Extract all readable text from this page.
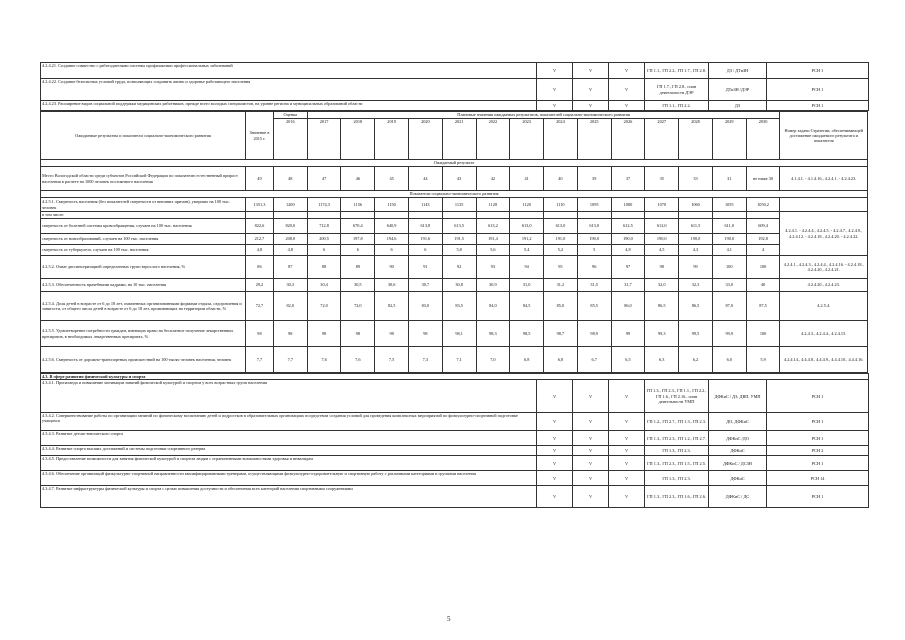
4.2.4.21. Создание совместно с работодателями системы профилактики профессиональных заболеваний	V	V	V	ГП 1.1., ГП 2.2., ГП 1.7., ГП 2.8.	ДЗ / ДТиЗН	РСН 1
4.2.4.22. Создание безопасных условий труда, позволяющих сохранить жизнь и здоровье работающего населения	V	V	V	ГП 1.7., ГП 2.8., план деятельности ДЭР	ДТиЗН /ДЭР	РСН 1
4.2.4.23. Расширение видов социальной поддержки медицинских работников, прежде всего молодых специалистов, на уровне региона и муниципальных образований области	V	V	V	ГП 1.1., ГП 2.2.	ДЗ	РСН 1
Ожидаемые результаты и показатели социально-экономического развития	Значение в 2015 г.	Оценка	Плановые значения ожидаемых результатов, показателей социально-экономического развития														Номер задачи Стратегии, обеспечивающей достижение ожидаемого результата и показателя
		2016	2017	2018	2019	2020	2021	2022	2023	2024	2025	2026	2027	2028	2029	2030	
Ожидаемый результат																	
Место Вологодской области среди субъектов Российской Федерации по показателю естественный прирост населения в расчете на 1000 человек постоянного населения	49	48	47	46	45	44	43	42	41	40	39	37	35	33	31	не ниже 30	4.1.4.1. - 4.1.4.16., 4.2.4.1. - 4.2.4.23.
Показатели социально-экономического развития																	
4.2.5.1. Смертность населения (без показателей смертности от внешних причин), умерших на 100 тыс. человек	1351,3	1200	1174,3	1156	1150	1143	1135	1128	1120	1110	1095	1080	1070	1060	1055	1050,2	
в том числе:																	4.2.4.1. - 4.2.4.4., 4.2.4.5. - 4.2.4.7., 4.2.4.9., 4.2.4.12. - 4.2.4.18., 4.2.4.20. - 4.2.4.22.
смертность от болезней системы кровообращения, случаев на 100 тыс. населения	822,6	820,0	712,8	670,4	640,9	613,8	613,5	613,2	613,0	613,0	613,0	612,5	612,0	611,5	611,0	609,4	
смертность от новообразований, случаев на 100 тыс. населения	212,7	208,0	200,5	197,8	194,6	191,6	191,5	191,4	191,2	191,0	190,0	190,0	190,0	190,0	190,0	192,8	
смертность от туберкулеза, случаев на 100 тыс. населения	4,8	4,8	6	6	6	6	5,8	5,6	5,4	5,2	5	4,8	4,5	4,3	4,1	4	
4.2.5.2. Охват диспансеризацией определенных групп взрослого населения, %	86	87	88	89	90	91	92	93	94	95	96	97	98	99	100	100	4.2.4.1., 4.2.4.3., 4.2.4.4., 4.2.4.16. - 4.2.4.18., 4.2.4.20., 4.2.4.21.
4.2.5.3. Обеспеченность врачебными кадрами, на 10 тыс. населения	29,2	30,3	30,4	30,5	30,6	30,7	30,8	30,9	31,0	31,2	31,5	31,7	32,0	32,3	33,0	40	4.2.4.20., 4.2.4.23.
4.2.5.4. Доля детей в возрасте от 6 до 18 лет, охваченных организованными формами отдыха, оздоровления и занятости, от общего числа детей в возрасте от 6 до 18 лет, проживающих на территории области, %	72,7	82,0	72,0	72,0	82,5	83,0	83,5	84,0	84,5	85,0	85,5	86,0	86,5	86,5	87,0	87,5	4.2.5.4.
4.2.5.5. Удовлетворение потребности граждан, имеющих право на бесплатное получение лекарственных препаратов, в необходимых лекарственных препаратах, %	98	98	98	98	98	98	98,1	98,3	98,5	98,7	98,9	99	99,3	99,5	99,9	100	4.2.4.3., 4.2.4.4., 4.2.4.15.
4.2.5.6. Смертность от дорожно-транспортных происшествий на 100 тысяч человек населения, человек	7,7	7,7	7,6	7,6	7,5	7,3	7,1	7,0	6,8	6,8	6,7	6,5	6,3	6,2	6,0	5,9	4.2.4.14., 4.4.4.8., 4.4.4.9., 4.4.4.10., 4.4.4.16.
4.3. В сфере развития физической культуры и спорта						
4.3.4.1. Пропаганда и повышение мотивации занятий физической культурой и спортом у всех возрастных групп населения	V	V	V	ГП 1.3., ГП 2.3., ГП 1.1., ГП 2.2., ГП 1.6., ГП 2.16., план деятельности УМП	ДФКиС / ДЗ, ДВП, УМП	РСН 1
4.3.4.2. Совершенствование работы по организации занятий по физическому воспитанию детей и подростков в образовательных организациях посредством создания условий для проведения комплексных мероприятий по физкультурно-спортивной подготовке учащихся	V	V	V	ГП 1.2., ГП 2.7., ГП 1.3., ГП 2.3.	ДО, ДФКиС	РСН 1
4.3.4.3. Развитие детско-юношеского спорта	V	V	V	ГП 1.3., ГП 2.3., ГП 1.2., ГП 2.7.	ДФКиС /ДО	РСН 1
4.3.4.4. Развитие спорта высших достижений и системы подготовки спортивного резерва	V	V	V	ГП 1.3., ГП 2.3.	ДФКиС	РСН 2
4.3.4.5. Предоставление возможности для занятия физической культурой и спортом людям с ограниченными возможностями здоровья и инвалидам	V	V	V	ГП 1.3., ГП 2.3., ГП 1.5., ГП 2.5.	ДФКиС / ДСЗН	РСН 1
4.3.4.6. Обеспечение организаций физкультурно-спортивной направленности квалифицированными тренерами, осуществляющими физкультурно-оздоровительную и спортивную работу с различными категориями и группами населения	V	V	V	ГП 1.3., ГП 2.3.	ДФКиС	РСН 14
4.3.4.7. Развитие инфраструктуры физической культуры и спорта с целью повышения доступности и обеспечения всех категорий населения спортивными сооружениями	V	V	V	ГП 1.3., ГП 2.3., ГП 1.6., ГП 2.6.	ДФКиС / ДС	РСН 1
5
